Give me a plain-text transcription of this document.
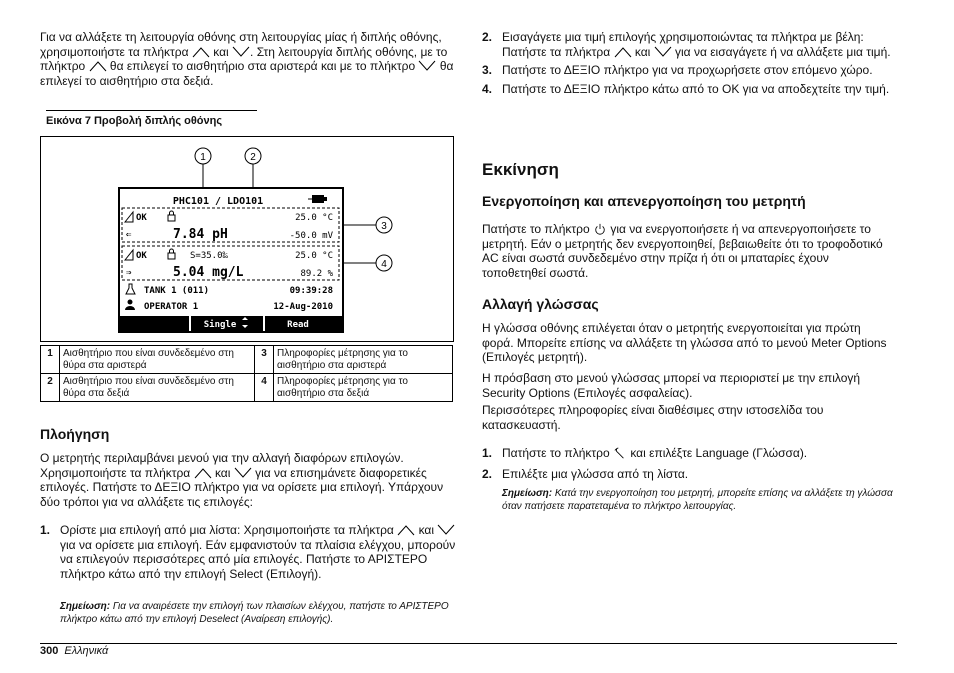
Για να αλλάξετε τη λειτουργία οθόνης στη λειτουργίας μίας ή διπλής οθόνης, χρησιμοποιήστε τα πλήκτρα και . Στη λειτουργία διπλής οθόνης, με το πλήκτρο θα επιλεγεί το αισθητήριο στα αριστερά και με το πλήκτρο θα επιλεγεί το αισθητήριο στα δεξιά.

Εικόνα 7 Προβολή διπλής οθόνης
1	2
3
4
PHC101 / LDO101
OK	25.0 °C
⇐	7.84 pH	-50.0 mV
OK	S=35.0‰	25.0 °C
⇒	5.04 mg/L	89.2 %
TANK 1 (011)	09:39:28
OPERATOR 1	12-Aug-2010
Single	Read
1	Αισθητήριο που είναι συνδεδεμένο στη θύρα στα αριστερά	3	Πληροφορίες μέτρησης για το αισθητήριο στα αριστερά
2	Αισθητήριο που είναι συνδεδεμένο στη θύρα στα δεξιά	4	Πληροφορίες μέτρησης για το αισθητήριο στα δεξιά
Πλοήγηση

Ο μετρητής περιλαμβάνει μενού για την αλλαγή διαφόρων επιλογών. Χρησιμοποιήστε τα πλήκτρα και για να επισημάνετε διαφορετικές επιλογές. Πατήστε το ΔΕΞΙΟ πλήκτρο για να ορίσετε μια επιλογή. Υπάρχουν δύο τρόποι για να αλλάξετε τις επιλογές:

1. Ορίστε μια επιλογή από μια λίστα: Χρησιμοποιήστε τα πλήκτρα και  για να ορίσετε μια επιλογή. Εάν εμφανιστούν τα πλαίσια ελέγχου, μπορούν να επιλεγούν περισσότερες από μία επιλογές. Πατήστε το ΑΡΙΣΤΕΡΟ πλήκτρο κάτω από την επιλογή Select (Επιλογή).

Σημείωση: Για να αναιρέσετε την επιλογή των πλαισίων ελέγχου, πατήστε το ΑΡΙΣΤΕΡΟ πλήκτρο κάτω από την επιλογή Deselect (Αναίρεση επιλογής).

2. Εισαγάγετε μια τιμή επιλογής χρησιμοποιώντας τα πλήκτρα με βέλη: Πατήστε τα πλήκτρα και για να εισαγάγετε ή να αλλάξετε μια τιμή.
3. Πατήστε το ΔΕΞΙΟ πλήκτρο για να προχωρήσετε στον επόμενο χώρο.
4. Πατήστε το ΔΕΞΙΟ πλήκτρο κάτω από το OK για να αποδεχτείτε την τιμή.
Εκκίνηση
Ενεργοποίηση και απενεργοποίηση του μετρητή

Πατήστε το πλήκτρο για να ενεργοποιήσετε ή να απενεργοποιήσετε το μετρητή. Εάν ο μετρητής δεν ενεργοποιηθεί, βεβαιωθείτε ότι το τροφοδοτικό AC είναι σωστά συνδεδεμένο στην πρίζα ή ότι οι μπαταρίες έχουν τοποθετηθεί σωστά.

Αλλαγή γλώσσας

Η γλώσσα οθόνης επιλέγεται όταν ο μετρητής ενεργοποιείται για πρώτη φορά. Μπορείτε επίσης να αλλάξετε τη γλώσσα από το μενού Meter Options (Επιλογές μετρητή).

Η πρόσβαση στο μενού γλώσσας μπορεί να περιοριστεί με την επιλογή Security Options (Επιλογές ασφαλείας).

Περισσότερες πληροφορίες είναι διαθέσιμες στην ιστοσελίδα του κατασκευαστή.

1. Πατήστε το πλήκτρο και επιλέξτε Language (Γλώσσα).
2. Επιλέξτε μια γλώσσα από τη λίστα.

Σημείωση: Κατά την ενεργοποίηση του μετρητή, μπορείτε επίσης να αλλάξετε τη γλώσσα όταν πατήσετε παρατεταμένα το πλήκτρο λειτουργίας.

300 Ελληνικά
